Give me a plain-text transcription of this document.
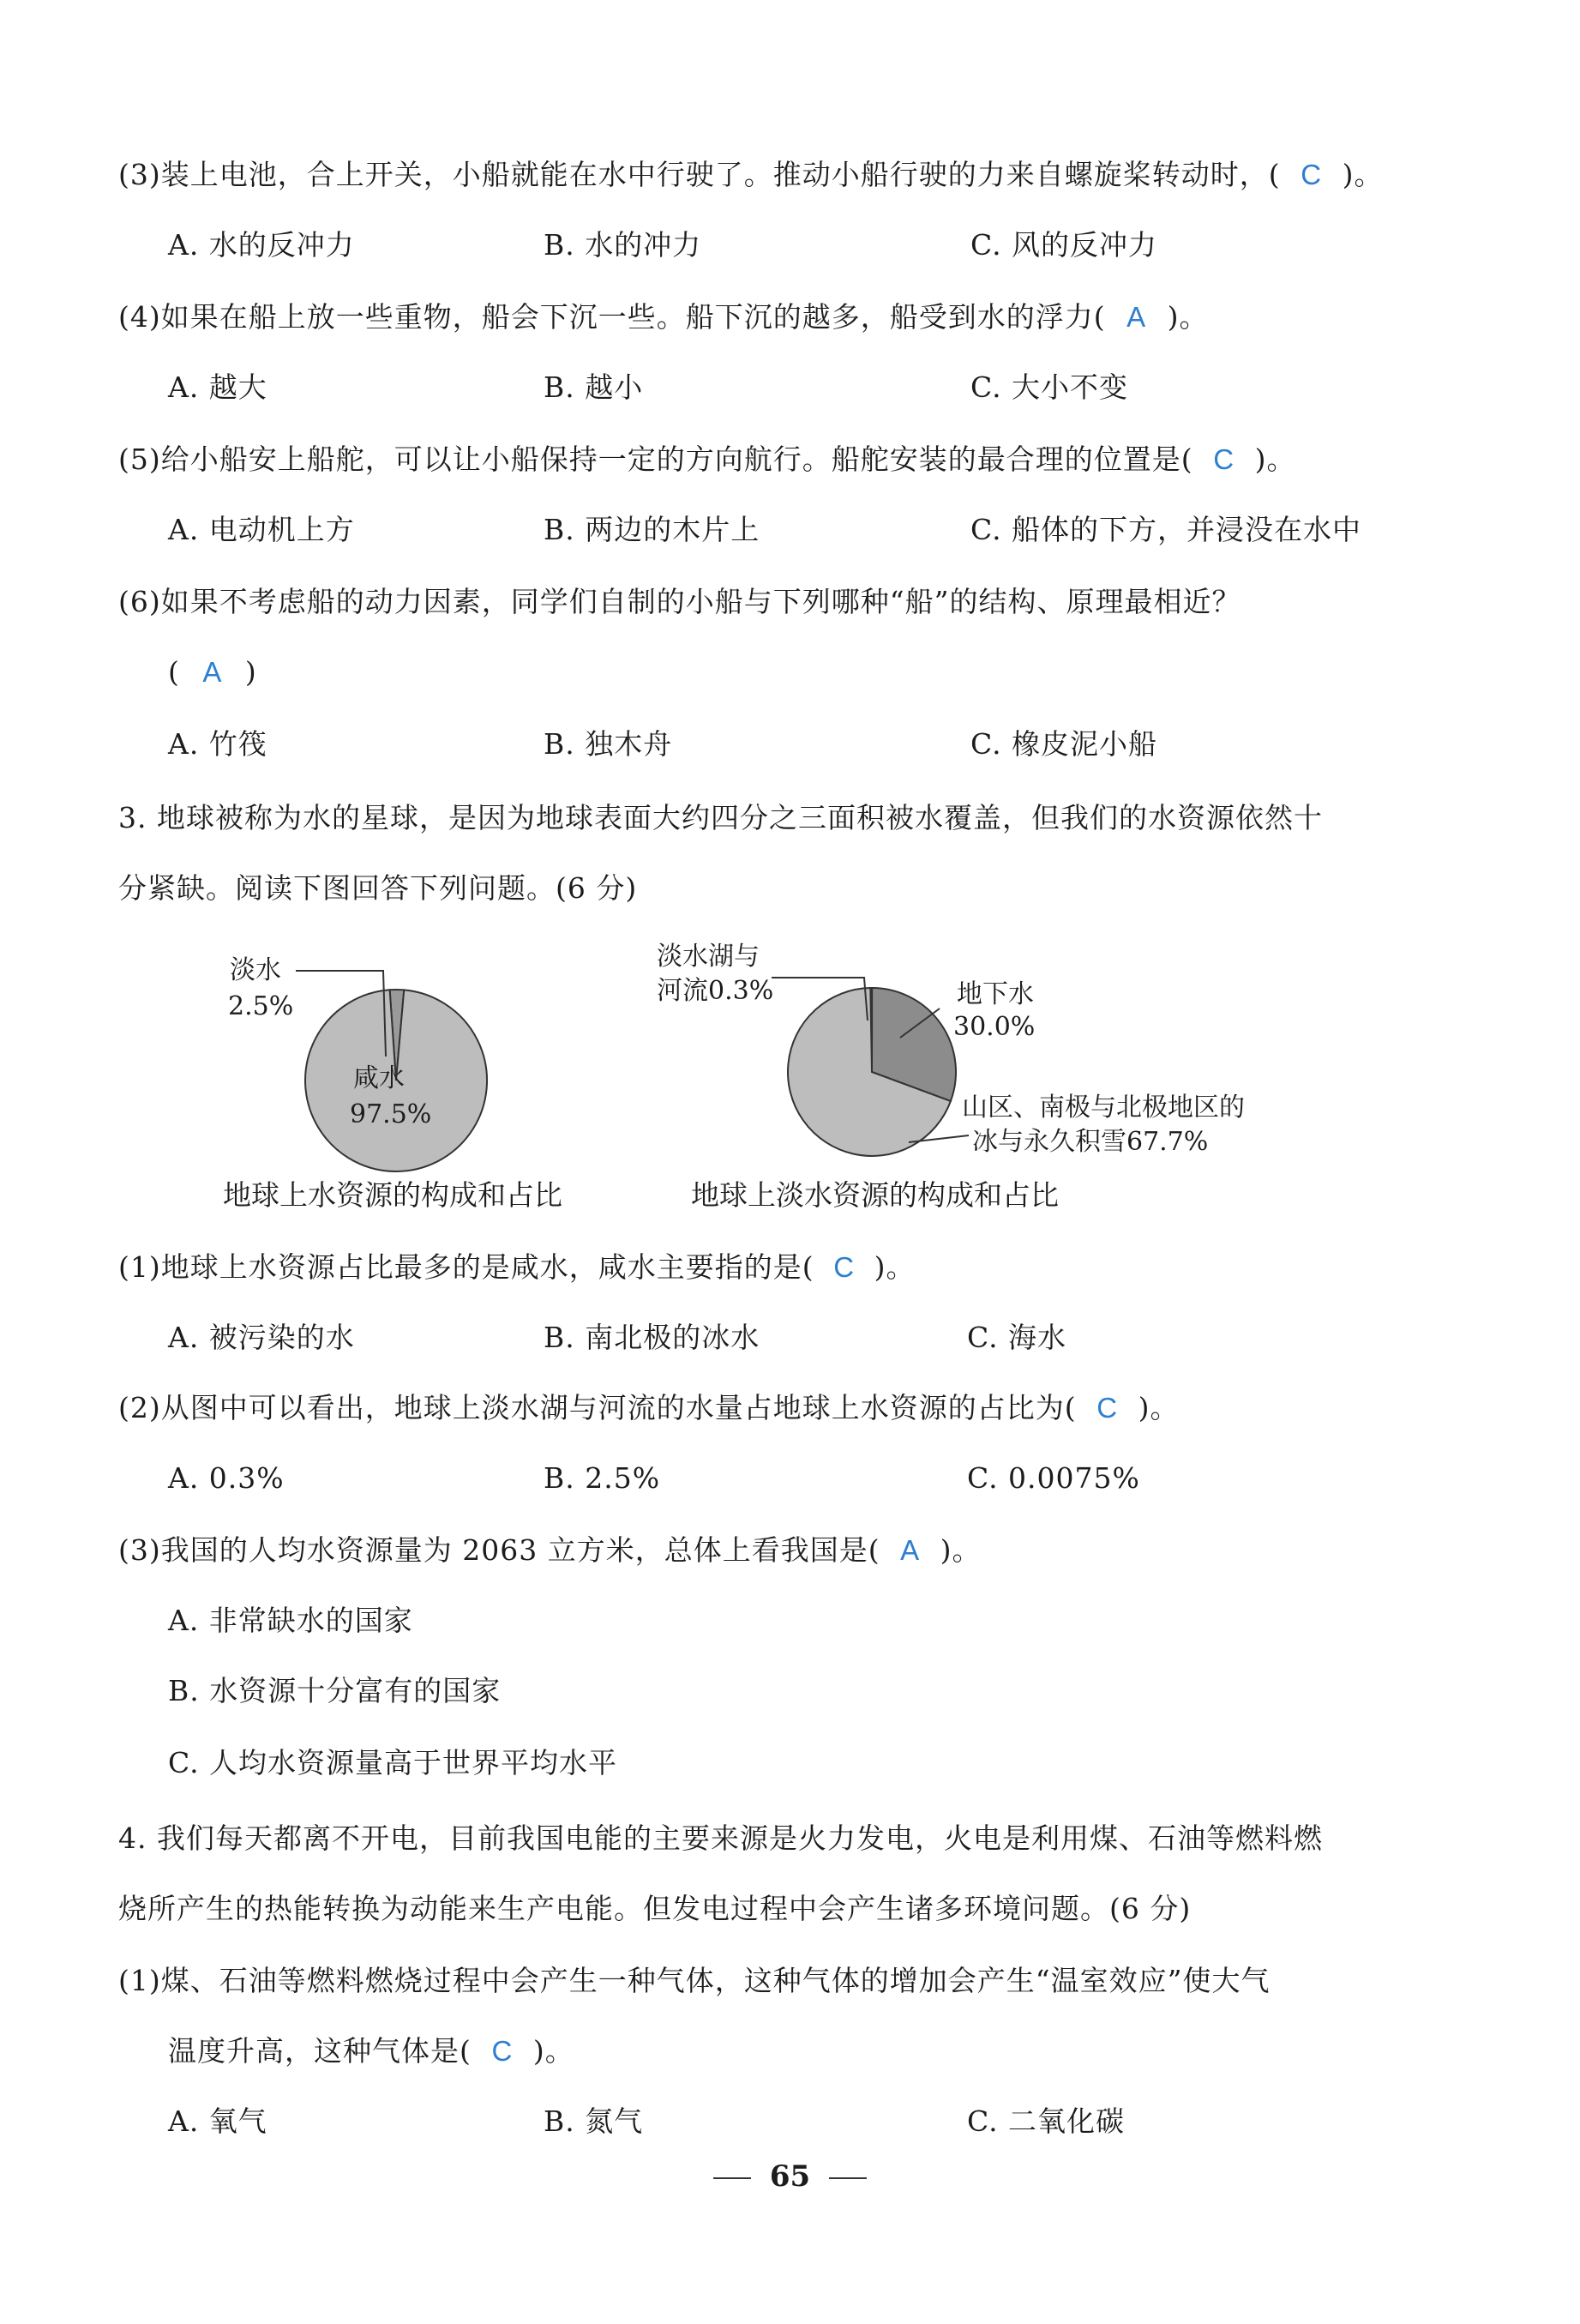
(3)装上电池，合上开关，小船就能在水中行驶了。推动小船行驶的力来自螺旋桨转动时，( C )。
A. 水的反冲力	B. 水的冲力	C. 风的反冲力
(4)如果在船上放一些重物，船会下沉一些。船下沉的越多，船受到水的浮力( A )。
A. 越大	B. 越小	C. 大小不变
(5)给小船安上船舵，可以让小船保持一定的方向航行。船舵安装的最合理的位置是( C )。
A. 电动机上方	B. 两边的木片上	C. 船体的下方，并浸没在水中
(6)如果不考虑船的动力因素，同学们自制的小船与下列哪种“船”的结构、原理最相近？
( A )
A. 竹筏	B. 独木舟	C. 橡皮泥小船
3. 地球被称为水的星球，是因为地球表面大约四分之三面积被水覆盖，但我们的水资源依然十
分紧缺。阅读下图回答下列问题。(6 分)
淡水
2.5%
咸水
97.5%
地球上水资源的构成和占比
淡水湖与
河流0.3%	地下水
30.0%
山区、南极与北极地区的
冰与永久积雪67.7%
地球上淡水资源的构成和占比
(1)地球上水资源占比最多的是咸水，咸水主要指的是( C )。
A. 被污染的水	B. 南北极的冰水	C. 海水
(2)从图中可以看出，地球上淡水湖与河流的水量占地球上水资源的占比为( C )。
A. 0.3%	B. 2.5%	C. 0.0075%
(3)我国的人均水资源量为 2063 立方米，总体上看我国是( A )。
A. 非常缺水的国家
B. 水资源十分富有的国家
C. 人均水资源量高于世界平均水平
4. 我们每天都离不开电，目前我国电能的主要来源是火力发电，火电是利用煤、石油等燃料燃
烧所产生的热能转换为动能来生产电能。但发电过程中会产生诸多环境问题。(6 分)
(1)煤、石油等燃料燃烧过程中会产生一种气体，这种气体的增加会产生“温室效应”使大气
温度升高，这种气体是( C )。
A. 氧气	B. 氮气	C. 二氧化碳
65
